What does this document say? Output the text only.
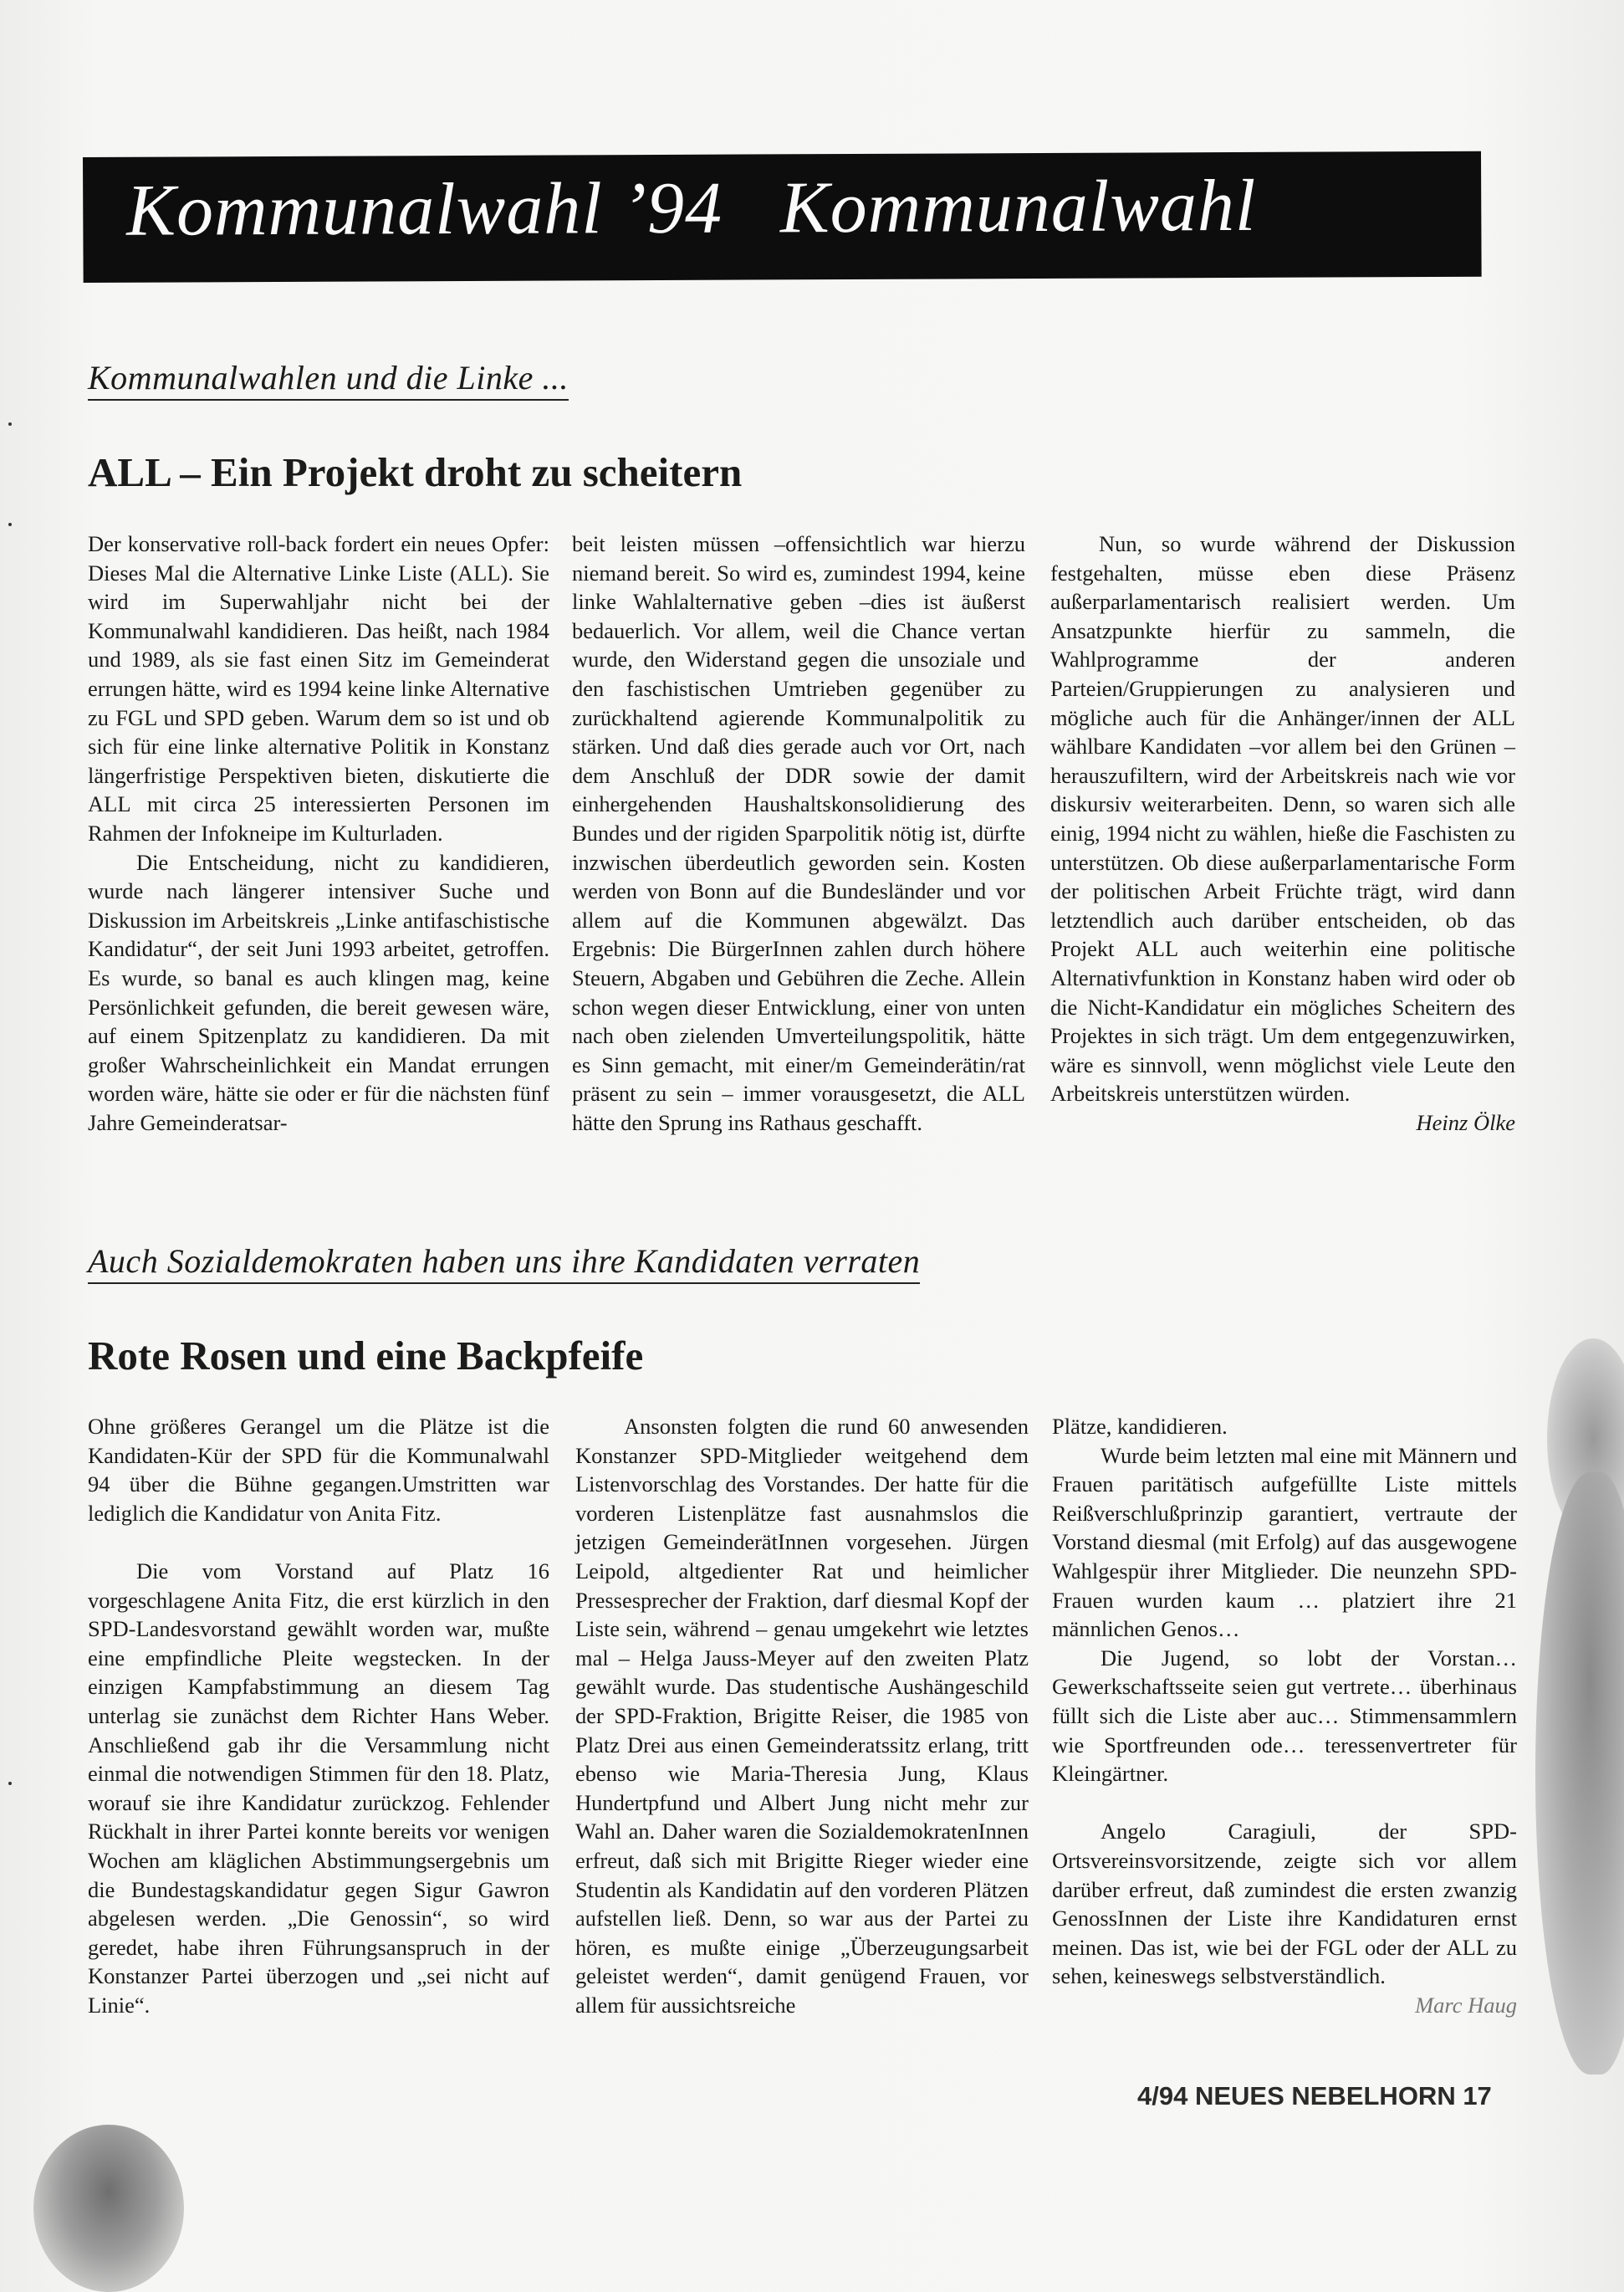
Kommunalwahl ’94   Kommunalwahl
Kommunalwahlen und die Linke ...
ALL – Ein Projekt droht zu scheitern

Der konservative roll-back fordert ein neues Opfer: Dieses Mal die Alternative Linke Liste (ALL). Sie wird im Superwahljahr nicht bei der Kommunalwahl kandidieren. Das heißt, nach 1984 und 1989, als sie fast einen Sitz im Gemeinderat errungen hätte, wird es 1994 keine linke Alternative zu FGL und SPD geben. Warum dem so ist und ob sich für eine linke alternative Politik in Konstanz längerfristige Perspektiven bieten, diskutierte die ALL mit circa 25 interessierten Personen im Rahmen der Infokneipe im Kulturladen.

Die Entscheidung, nicht zu kandidieren, wurde nach längerer intensiver Suche und Diskussion im Arbeitskreis „Linke antifaschistische Kandidatur“, der seit Juni 1993 arbeitet, getroffen. Es wurde, so banal es auch klingen mag, keine Persönlichkeit gefunden, die bereit gewesen wäre, auf einem Spitzenplatz zu kandidieren. Da mit großer Wahrscheinlichkeit ein Mandat errungen worden wäre, hätte sie oder er für die nächsten fünf Jahre Gemeinderatsar-

beit leisten müssen –offensichtlich war hierzu niemand bereit. So wird es, zumindest 1994, keine linke Wahlalternative geben –dies ist äußerst bedauerlich. Vor allem, weil die Chance vertan wurde, den Widerstand gegen die unsoziale und den faschistischen Umtrieben gegenüber zu zurückhaltend agierende Kommunalpolitik zu stärken. Und daß dies gerade auch vor Ort, nach dem Anschluß der DDR sowie der damit einhergehenden Haushaltskonsolidierung des Bundes und der rigiden Sparpolitik nötig ist, dürfte inzwischen überdeutlich geworden sein. Kosten werden von Bonn auf die Bundesländer und vor allem auf die Kommunen abgewälzt. Das Ergebnis: Die BürgerInnen zahlen durch höhere Steuern, Abgaben und Gebühren die Zeche. Allein schon wegen dieser Entwicklung, einer von unten nach oben zielenden Umverteilungspolitik, hätte es Sinn gemacht, mit einer/m Gemeinderätin/rat präsent zu sein – immer vorausgesetzt, die ALL hätte den Sprung ins Rathaus geschafft.

Nun, so wurde während der Diskussion festgehalten, müsse eben diese Präsenz außerparlamentarisch realisiert werden. Um Ansatzpunkte hierfür zu sammeln, die Wahlprogramme der anderen Parteien/Gruppierungen zu analysieren und mögliche auch für die Anhänger/innen der ALL wählbare Kandidaten –vor allem bei den Grünen –herauszufiltern, wird der Arbeitskreis nach wie vor diskursiv weiterarbeiten. Denn, so waren sich alle einig, 1994 nicht zu wählen, hieße die Faschisten zu unterstützen. Ob diese außerparlamentarische Form der politischen Arbeit Früchte trägt, wird dann letztendlich auch darüber entscheiden, ob das Projekt ALL auch weiterhin eine politische Alternativfunktion in Konstanz haben wird oder ob die Nicht-Kandidatur ein mögliches Scheitern des Projektes in sich trägt. Um dem entgegenzuwirken, wäre es sinnvoll, wenn möglichst viele Leute den Arbeitskreis unterstützen würden.

Heinz Ölke
Auch Sozialdemokraten haben uns ihre Kandidaten verraten
Rote Rosen und eine Backpfeife

Ohne größeres Gerangel um die Plätze ist die Kandidaten-Kür der SPD für die Kommunalwahl 94 über die Bühne gegangen.Umstritten war lediglich die Kandidatur von Anita Fitz.

Die vom Vorstand auf Platz 16 vorgeschlagene Anita Fitz, die erst kürzlich in den SPD-Landesvorstand gewählt worden war, mußte eine empfindliche Pleite wegstecken. In der einzigen Kampfabstimmung an diesem Tag unterlag sie zunächst dem Richter Hans Weber. Anschließend gab ihr die Versammlung nicht einmal die notwendigen Stimmen für den 18. Platz, worauf sie ihre Kandidatur zurückzog. Fehlender Rückhalt in ihrer Partei konnte bereits vor wenigen Wochen am kläglichen Abstimmungsergebnis um die Bundestagskandidatur gegen Sigur Gawron abgelesen werden. „Die Genossin“, so wird geredet, habe ihren Führungsanspruch in der Konstanzer Partei überzogen und „sei nicht auf Linie“.

Ansonsten folgten die rund 60 anwesenden Konstanzer SPD-Mitglieder weitgehend dem Listenvorschlag des Vorstandes. Der hatte für die vorderen Listenplätze fast ausnahmslos die jetzigen GemeinderätInnen vorgesehen. Jürgen Leipold, altgedienter Rat und heimlicher Pressesprecher der Fraktion, darf diesmal Kopf der Liste sein, während – genau umgekehrt wie letztes mal – Helga Jauss-Meyer auf den zweiten Platz gewählt wurde. Das studentische Aushängeschild der SPD-Fraktion, Brigitte Reiser, die 1985 von Platz Drei aus einen Gemeinderatssitz erlang, tritt ebenso wie Maria-Theresia Jung, Klaus Hundertpfund und Albert Jung nicht mehr zur Wahl an. Daher waren die SozialdemokratenInnen erfreut, daß sich mit Brigitte Rieger wieder eine Studentin als Kandidatin auf den vorderen Plätzen aufstellen ließ. Denn, so war aus der Partei zu hören, es mußte einige „Überzeugungsarbeit geleistet werden“, damit genügend Frauen, vor allem für aussichtsreiche

Plätze, kandidieren.

Wurde beim letzten mal eine mit Männern und Frauen paritätisch aufgefüllte Liste mittels Reißverschlußprinzip garantiert, vertraute der Vorstand diesmal (mit Erfolg) auf das ausgewogene Wahlgespür ihrer Mitglieder. Die neunzehn SPD-Frauen wurden kaum … platziert ihre 21 männlichen Genos…

Die Jugend, so lobt der Vorstan… Gewerkschaftsseite seien gut vertrete… überhinaus füllt sich die Liste aber auc… Stimmensammlern wie Sportfreunden ode… teressenvertreter für Kleingärtner.

Angelo Caragiuli, der SPD-Ortsvereinsvorsitzende, zeigte sich vor allem darüber erfreut, daß zumindest die ersten zwanzig GenossInnen der Liste ihre Kandidaturen ernst meinen. Das ist, wie bei der FGL oder der ALL zu sehen, keineswegs selbstverständlich.

Marc Haug
4/94 NEUES NEBELHORN 17
